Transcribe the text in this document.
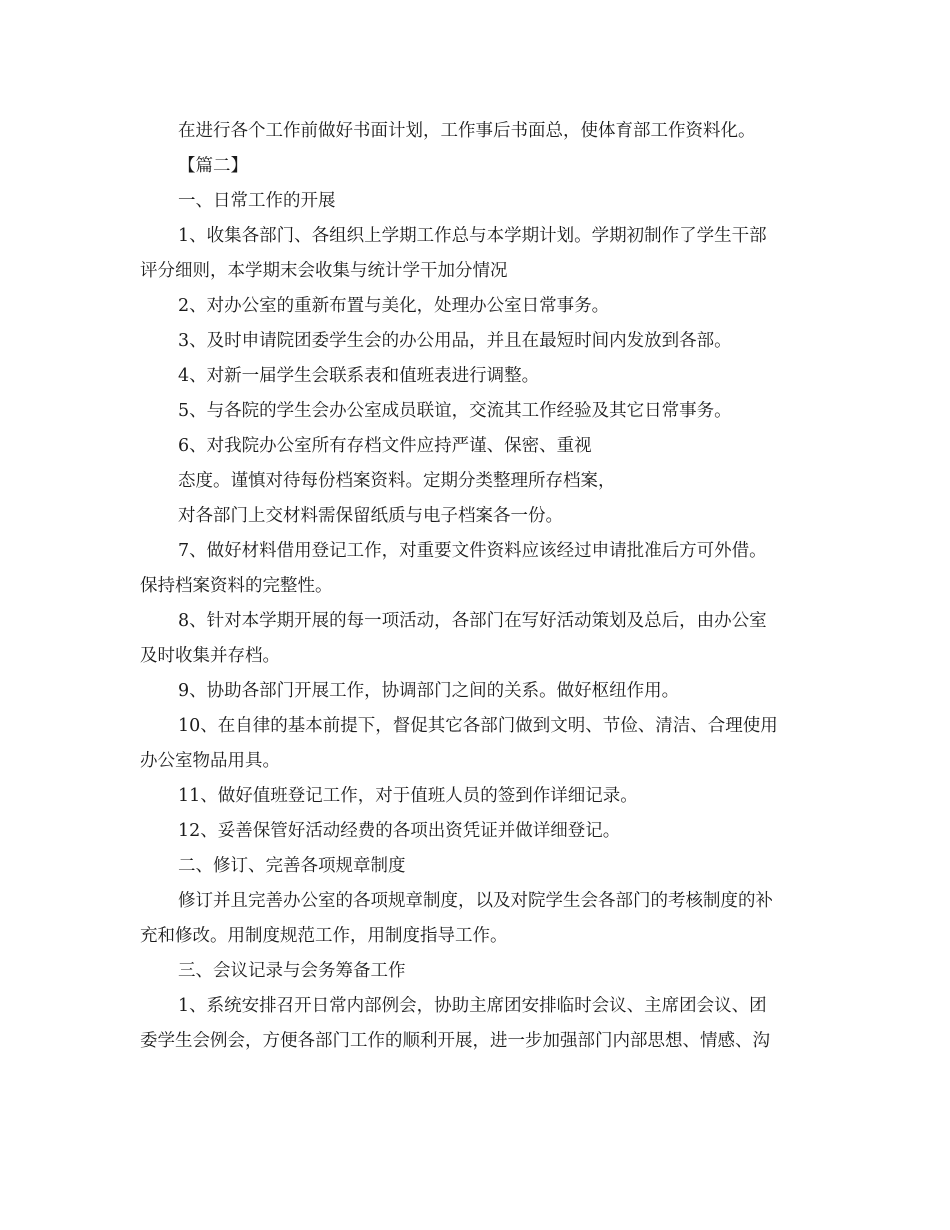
在进行各个工作前做好书面计划，工作事后书面总，使体育部工作资料化。

【篇二】

一、日常工作的开展

1、收集各部门、各组织上学期工作总与本学期计划。学期初制作了学生干部

评分细则，本学期末会收集与统计学干加分情况

2、对办公室的重新布置与美化，处理办公室日常事务。

3、及时申请院团委学生会的办公用品，并且在最短时间内发放到各部。

4、对新一届学生会联系表和值班表进行调整。

5、与各院的学生会办公室成员联谊，交流其工作经验及其它日常事务。

6、对我院办公室所有存档文件应持严谨、保密、重视

态度。谨慎对待每份档案资料。定期分类整理所存档案，

对各部门上交材料需保留纸质与电子档案各一份。

7、做好材料借用登记工作，对重要文件资料应该经过申请批准后方可外借。

保持档案资料的完整性。

8、针对本学期开展的每一项活动，各部门在写好活动策划及总后，由办公室

及时收集并存档。

9、协助各部门开展工作，协调部门之间的关系。做好枢纽作用。

10、在自律的基本前提下，督促其它各部门做到文明、节俭、清洁、合理使用

办公室物品用具。

11、做好值班登记工作，对于值班人员的签到作详细记录。

12、妥善保管好活动经费的各项出资凭证并做详细登记。

二、修订、完善各项规章制度

修订并且完善办公室的各项规章制度，以及对院学生会各部门的考核制度的补

充和修改。用制度规范工作，用制度指导工作。

三、会议记录与会务筹备工作

1、系统安排召开日常内部例会，协助主席团安排临时会议、主席团会议、团

委学生会例会，方便各部门工作的顺利开展，进一步加强部门内部思想、情感、沟
